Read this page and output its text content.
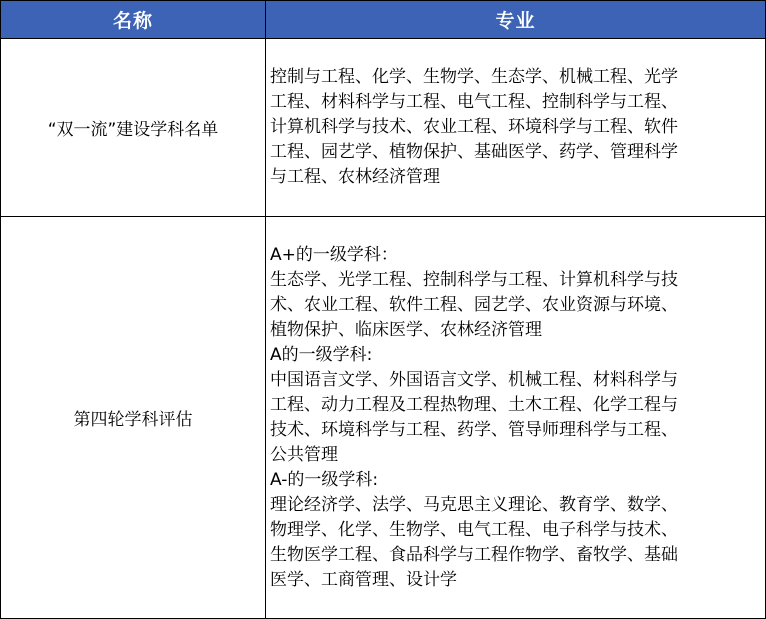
名称	专业
“双一流”建设学科名单
控制与工程、化学、生物学、生态学、机械工程、光学
工程、材料科学与工程、电气工程、控制科学与工程、
计算机科学与技术、农业工程、环境科学与工程、软件
工程、园艺学、植物保护、基础医学、药学、管理科学
与工程、农林经济管理
第四轮学科评估
A+的一级学科：
生态学、光学工程、控制科学与工程、计算机科学与技
术、农业工程、软件工程、园艺学、农业资源与环境、
植物保护、临床医学、农林经济管理
A的一级学科:
中国语言文学、外国语言文学、机械工程、材料科学与
工程、动力工程及工程热物理、土木工程、化学工程与
技术、环境科学与工程、药学、管导师理科学与工程、
公共管理
A-的一级学科:
理论经济学、法学、马克思主义理论、教育学、数学、
物理学、化学、生物学、电气工程、电子科学与技术、
生物医学工程、食品科学与工程作物学、畜牧学、基础
医学、工商管理、设计学
